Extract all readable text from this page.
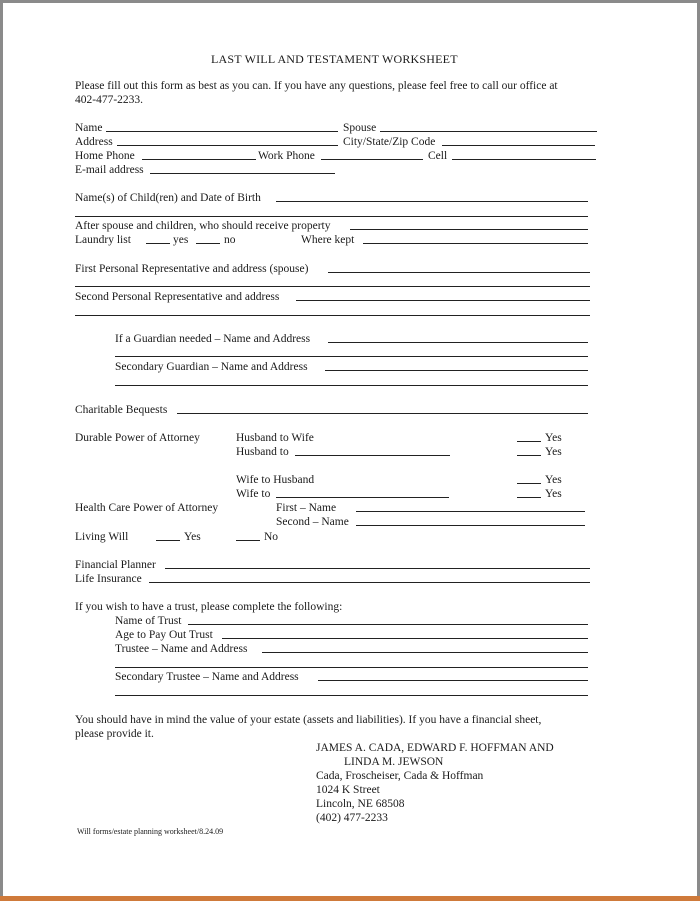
LAST WILL AND TESTAMENT WORKSHEET
Please fill out this form as best as you can. If you have any questions, please feel free to call our office at
402-477-2233.
Name	Spouse
Address	City/State/Zip Code
Home Phone	Work Phone	Cell
E-mail address
Name(s) of Child(ren) and Date of Birth
After spouse and children, who should receive property
Laundry list	yes	no	Where kept
First Personal Representative and address (spouse)
Second Personal Representative and address
If a Guardian needed – Name and Address
Secondary Guardian – Name and Address
Charitable Bequests
Durable Power of Attorney	Husband to Wife	Yes
Husband to	Yes
Wife to Husband	Yes
Wife to	Yes
Health Care Power of Attorney	First – Name
Second – Name
Living Will	Yes	No
Financial Planner
Life Insurance
If you wish to have a trust, please complete the following:
Name of Trust
Age to Pay Out Trust
Trustee – Name and Address
Secondary Trustee – Name and Address
You should have in mind the value of your estate (assets and liabilities). If you have a financial sheet,
please provide it.
JAMES A. CADA, EDWARD F. HOFFMAN AND
LINDA M. JEWSON
Cada, Froscheiser, Cada & Hoffman
1024 K Street
Lincoln, NE 68508
(402) 477-2233
Will forms/estate planning worksheet/8.24.09
